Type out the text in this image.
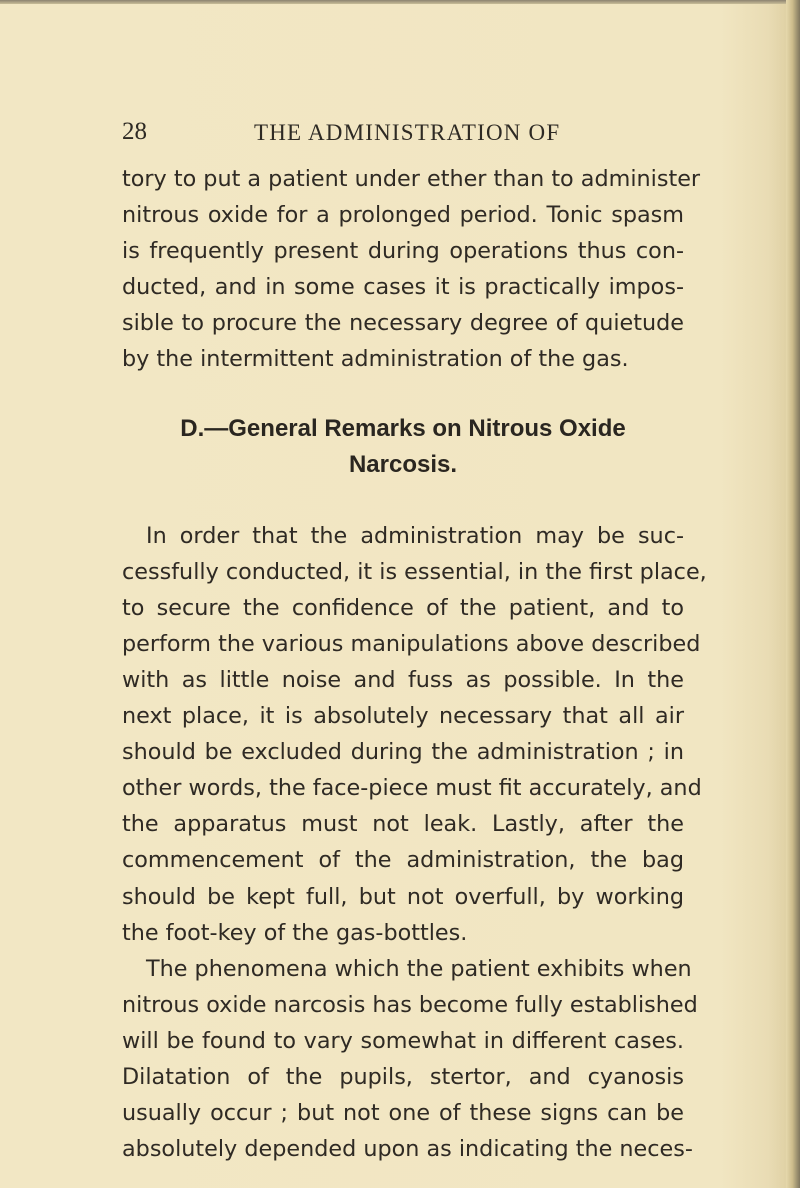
28	THE ADMINISTRATION OF
tory to put a patient under ether than to administer
nitrous oxide for a prolonged period. Tonic spasm
is frequently present during operations thus con-
ducted, and in some cases it is practically impos-
sible to procure the necessary degree of quietude
by the intermittent administration of the gas.
D.—General Remarks on Nitrous Oxide
Narcosis.
In order that the administration may be suc-
cessfully conducted, it is essential, in the first place,
to secure the confidence of the patient, and to
perform the various manipulations above described
with as little noise and fuss as possible. In the
next place, it is absolutely necessary that all air
should be excluded during the administration ; in
other words, the face-piece must fit accurately, and
the apparatus must not leak. Lastly, after the
commencement of the administration, the bag
should be kept full, but not overfull, by working
the foot-key of the gas-bottles.
The phenomena which the patient exhibits when
nitrous oxide narcosis has become fully established
will be found to vary somewhat in different cases.
Dilatation of the pupils, stertor, and cyanosis
usually occur ; but not one of these signs can be
absolutely depended upon as indicating the neces-
